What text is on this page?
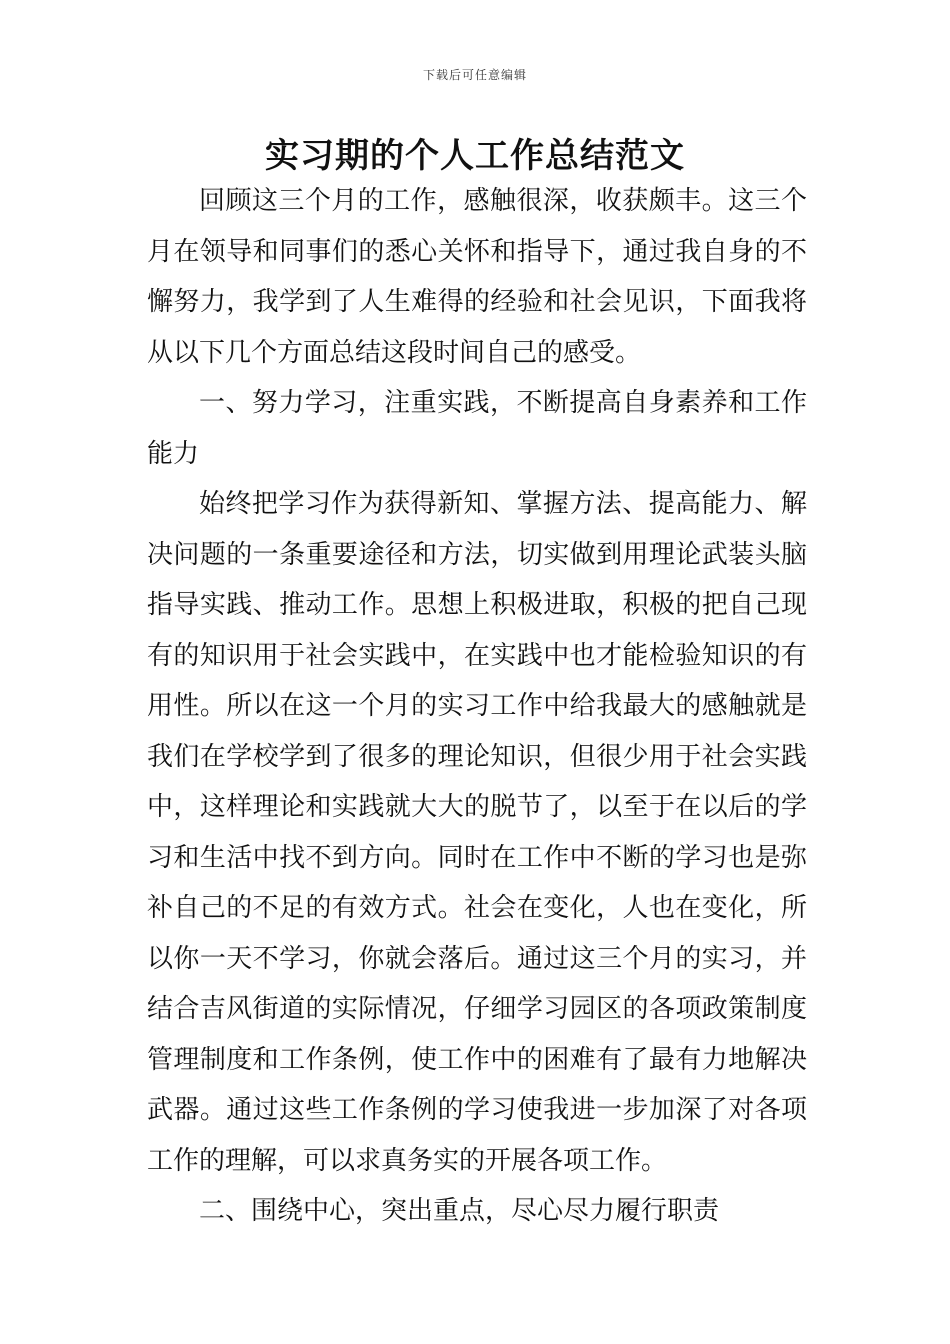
下载后可任意编辑
实习期的个人工作总结范文

回顾这三个月的工作，感触很深，收获颇丰。这三个月在领导和同事们的悉心关怀和指导下，通过我自身的不懈努力，我学到了人生难得的经验和社会见识，下面我将从以下几个方面总结这段时间自己的感受。

一、努力学习，注重实践，不断提高自身素养和工作能力

始终把学习作为获得新知、掌握方法、提高能力、解决问题的一条重要途径和方法，切实做到用理论武装头脑指导实践、推动工作。思想上积极进取，积极的把自己现有的知识用于社会实践中，在实践中也才能检验知识的有用性。所以在这一个月的实习工作中给我最大的感触就是我们在学校学到了很多的理论知识，但很少用于社会实践中，这样理论和实践就大大的脱节了，以至于在以后的学习和生活中找不到方向。同时在工作中不断的学习也是弥补自己的不足的有效方式。社会在变化，人也在变化，所以你一天不学习，你就会落后。通过这三个月的实习，并结合吉风街道的实际情况，仔细学习园区的各项政策制度管理制度和工作条例，使工作中的困难有了最有力地解决武器。通过这些工作条例的学习使我进一步加深了对各项工作的理解，可以求真务实的开展各项工作。

二、围绕中心，突出重点，尽心尽力履行职责
